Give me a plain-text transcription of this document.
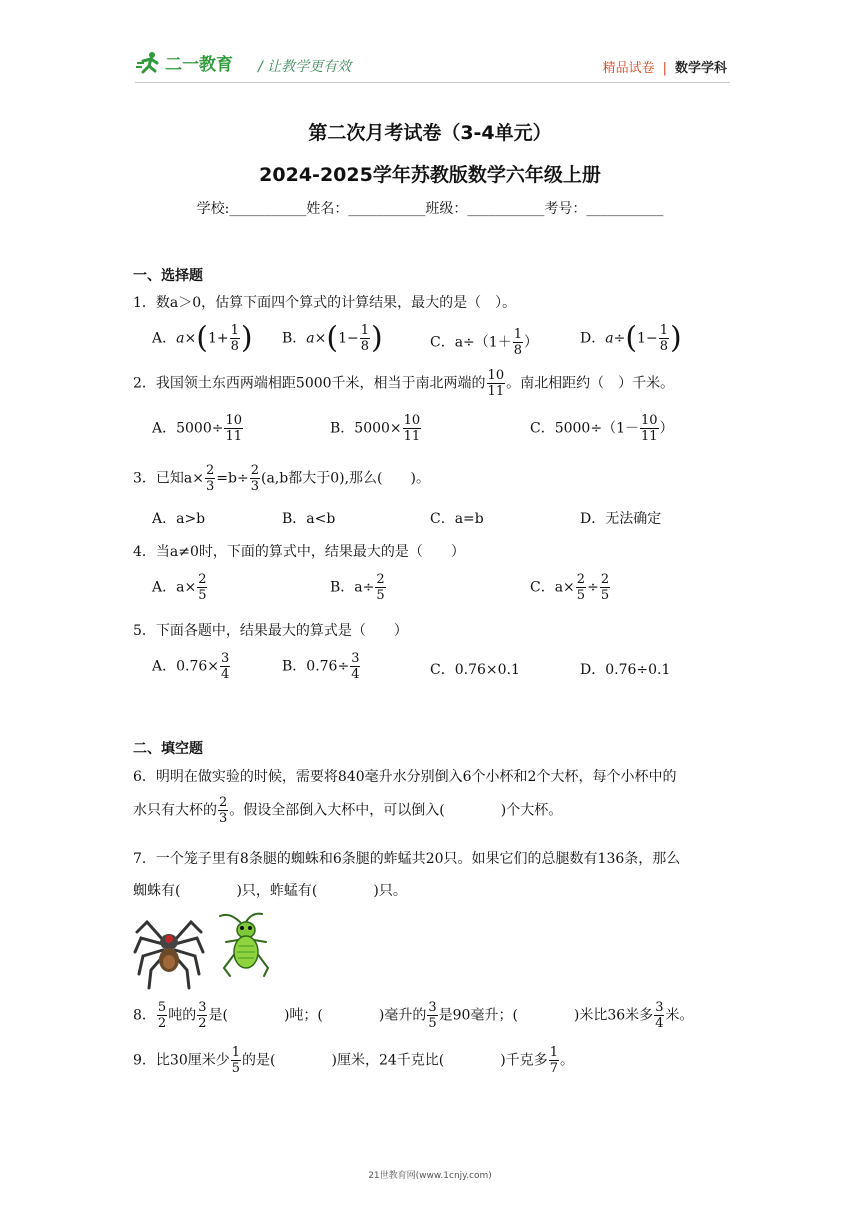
二一教育 / 让教学更有效	精品试卷 | 数学学科
第二次月考试卷（3-4单元）
2024-2025学年苏教版数学六年级上册
学校:___________姓名：___________班级：___________考号：___________
一、选择题
1．数a＞0，估算下面四个算式的计算结果，最大的是（　）。
A．$a\times(1+ \frac{1}{8}$ ) B．$a\times(1- \frac{1}{8}$ )	C．$a\div(1+ \frac{1}{8}$ ）	D．$a\div(1- \frac{1}{8}$ )
2．我国领土东西两端相距5000千米，相当于南北两端的 $\frac{10}{11}$ 。南北相距约（　）千米。
A．$5000\div \frac{10}{11}$	B．$5000\times \frac{10}{11}$	C．$5000\div(1- \frac{10}{11}$ ）
3．已知$a\times \frac{2}{3} =b\div \frac{2}{3} (a,b$都大于0),那么(　　)。
A．a>b	B．a<b	C．a=b	D．无法确定
4．当a≠0时，下面的算式中，结果最大的是（　　）
A．$a\times \frac{2}{5}$	B．$a\div \frac{2}{5}$	C．$a\times \frac{2}{5} \div \frac{2}{5}$
5．下面各题中，结果最大的算式是（　　）
A．$0.76\times \frac{3}{4}$	B．$0.76\div \frac{3}{4}$	C．0.76×0.1	D．0.76÷0.1
二、填空题
6．明明在做实验的时候，需要将840毫升水分别倒入6个小杯和2个大杯，每个小杯中的
水只有大杯的 $\frac{2}{3}$ 。假设全部倒入大杯中，可以倒入(　　　　)个大杯。
7．一个笼子里有8条腿的蜘蛛和6条腿的蚱蜢共20只。如果它们的总腿数有136条，那么
蜘蛛有(　　　　)只，蚱蜢有(　　　　)只。
8． $\frac{5}{2}$ 吨的 $\frac{3}{2}$ 是(　　　　)吨；(　　　　)毫升的 $\frac{3}{5}$ 是90毫升；(　　　　)米比36米多 $\frac{3}{4}$ 米。
9．比30厘米少 $\frac{1}{5}$ 的是(　　　　)厘米，24千克比(　　　　)千克多 $\frac{1}{7}$ 。
21世教育网(www.1cnjy.com)
